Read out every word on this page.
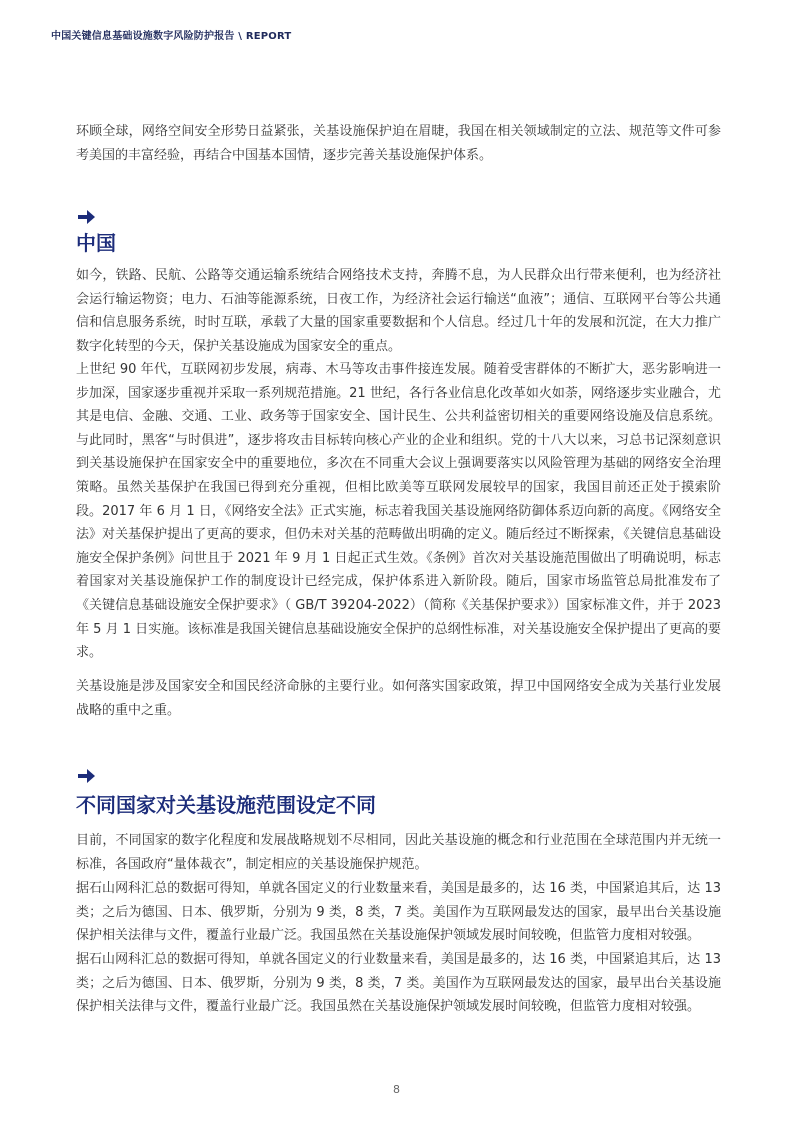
中国关键信息基础设施数字风险防护报告 \ REPORT

环顾全球，网络空间安全形势日益紧张，关基设施保护迫在眉睫，我国在相关领域制定的立法、规范等文件可参考美国的丰富经验，再结合中国基本国情，逐步完善关基设施保护体系。

中国

如今，铁路、民航、公路等交通运输系统结合网络技术支持，奔腾不息，为人民群众出行带来便利，也为经济社会运行输运物资；电力、石油等能源系统，日夜工作，为经济社会运行输送“血液”；通信、互联网平台等公共通信和信息服务系统，时时互联，承载了大量的国家重要数据和个人信息。经过几十年的发展和沉淀，在大力推广数字化转型的今天，保护关基设施成为国家安全的重点。

上世纪 90 年代，互联网初步发展，病毒、木马等攻击事件接连发展。随着受害群体的不断扩大，恶劣影响进一步加深，国家逐步重视并采取一系列规范措施。21 世纪，各行各业信息化改革如火如荼，网络逐步实业融合，尤其是电信、金融、交通、工业、政务等于国家安全、国计民生、公共利益密切相关的重要网络设施及信息系统。与此同时，黑客“与时俱进”，逐步将攻击目标转向核心产业的企业和组织。党的十八大以来，习总书记深刻意识到关基设施保护在国家安全中的重要地位，多次在不同重大会议上强调要落实以风险管理为基础的网络安全治理策略。虽然关基保护在我国已得到充分重视，但相比欧美等互联网发展较早的国家，我国目前还正处于摸索阶段。2017 年 6 月 1 日，《网络安全法》正式实施，标志着我国关基设施网络防御体系迈向新的高度。《网络安全法》对关基保护提出了更高的要求，但仍未对关基的范畴做出明确的定义。随后经过不断探索，《关键信息基础设施安全保护条例》问世且于 2021 年 9 月 1 日起正式生效。《条例》首次对关基设施范围做出了明确说明，标志着国家对关基设施保护工作的制度设计已经完成，保护体系进入新阶段。随后，国家市场监管总局批准发布了《关键信息基础设施安全保护要求》（ GB/T 39204-2022）（简称《关基保护要求》）国家标准文件，并于 2023 年 5 月 1 日实施。该标准是我国关键信息基础设施安全保护的总纲性标准，对关基设施安全保护提出了更高的要求。

关基设施是涉及国家安全和国民经济命脉的主要行业。如何落实国家政策，捍卫中国网络安全成为关基行业发展战略的重中之重。

不同国家对关基设施范围设定不同

目前，不同国家的数字化程度和发展战略规划不尽相同，因此关基设施的概念和行业范围在全球范围内并无统一标准，各国政府“量体裁衣”，制定相应的关基设施保护规范。

据石山网科汇总的数据可得知，单就各国定义的行业数量来看，美国是最多的，达 16 类，中国紧追其后，达 13 类；之后为德国、日本、俄罗斯，分别为 9 类，8 类，7 类。美国作为互联网最发达的国家，最早出台关基设施保护相关法律与文件，覆盖行业最广泛。我国虽然在关基设施保护领域发展时间较晚，但监管力度相对较强。

据石山网科汇总的数据可得知，单就各国定义的行业数量来看，美国是最多的，达 16 类，中国紧追其后，达 13 类；之后为德国、日本、俄罗斯，分别为 9 类，8 类，7 类。美国作为互联网最发达的国家，最早出台关基设施保护相关法律与文件，覆盖行业最广泛。我国虽然在关基设施保护领域发展时间较晚，但监管力度相对较强。

8
